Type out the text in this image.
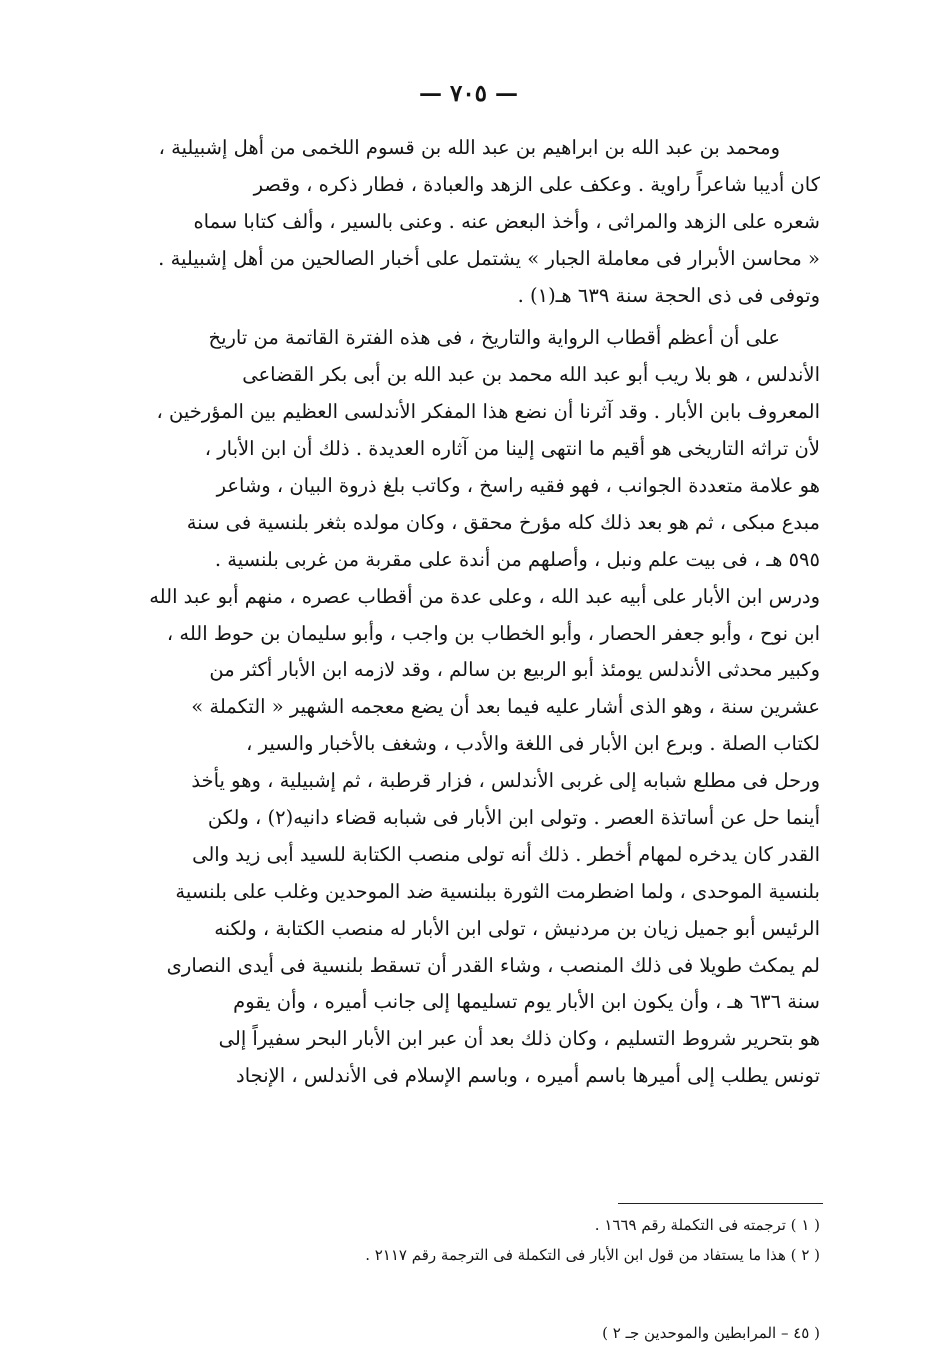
— ٧٠٥ —
ومحمد بن عبد الله بن ابراهيم بن عبد الله بن قسوم اللخمى من أهل إشبيلية ،
كان أديبا شاعراً راوية . وعكف على الزهد والعبادة ، فطار ذكره ، وقصر
شعره على الزهد والمراثى ، وأخذ البعض عنه . وعنى بالسير ، وألف كتابا سماه
« محاسن الأبرار فى معاملة الجبار » يشتمل على أخبار الصالحين من أهل إشبيلية .
وتوفى فى ذى الحجة سنة ٦٣٩ هـ(١) .
على أن أعظم أقطاب الرواية والتاريخ ، فى هذه الفترة القاتمة من تاريخ
الأندلس ، هو بلا ريب أبو عبد الله محمد بن عبد الله بن أبى بكر القضاعى
المعروف بابن الأبار . وقد آثرنا أن نضع هذا المفكر الأندلسى العظيم بين المؤرخين ،
لأن تراثه التاريخى هو أقيم ما انتهى إلينا من آثاره العديدة . ذلك أن ابن الأبار ،
هو علامة متعددة الجوانب ، فهو فقيه راسخ ، وكاتب بلغ ذروة البيان ، وشاعر
مبدع مبكى ، ثم هو بعد ذلك كله مؤرخ محقق ، وكان مولده بثغر بلنسية فى سنة
٥٩٥ هـ ، فى بيت علم ونبل ، وأصلهم من أندة على مقربة من غربى بلنسية .
ودرس ابن الأبار على أبيه عبد الله ، وعلى عدة من أقطاب عصره ، منهم أبو عبد الله
ابن نوح ، وأبو جعفر الحصار ، وأبو الخطاب بن واجب ، وأبو سليمان بن حوط الله ،
وكبير محدثى الأندلس يومئذ أبو الربيع بن سالم ، وقد لازمه ابن الأبار أكثر من
عشرين سنة ، وهو الذى أشار عليه فيما بعد أن يضع معجمه الشهير « التكملة »
لكتاب الصلة . وبرع ابن الأبار فى اللغة والأدب ، وشغف بالأخبار والسير ،
ورحل فى مطلع شبابه إلى غربى الأندلس ، فزار قرطبة ، ثم إشبيلية ، وهو يأخذ
أينما حل عن أساتذة العصر . وتولى ابن الأبار فى شبابه قضاء دانيه(٢) ، ولكن
القدر كان يدخره لمهام أخطر . ذلك أنه تولى منصب الكتابة للسيد أبى زيد والى
بلنسية الموحدى ، ولما اضطرمت الثورة ببلنسية ضد الموحدين وغلب على بلنسية
الرئيس أبو جميل زيان بن مردنيش ، تولى ابن الأبار له منصب الكتابة ، ولكنه
لم يمكث طويلا فى ذلك المنصب ، وشاء القدر أن تسقط بلنسية فى أيدى النصارى
سنة ٦٣٦ هـ ، وأن يكون ابن الأبار يوم تسليمها إلى جانب أميره ، وأن يقوم
هو بتحرير شروط التسليم ، وكان ذلك بعد أن عبر ابن الأبار البحر سفيراً إلى
تونس يطلب إلى أميرها باسم أميره ، وباسم الإسلام فى الأندلس ، الإنجاد
( ١ ) ترجمته فى التكملة رقم ١٦٦٩ .
( ٢ ) هذا ما يستفاد من قول ابن الأبار فى التكملة فى الترجمة رقم ٢١١٧ .
( ٤٥ – المرابطين والموحدين جـ ٢ )
